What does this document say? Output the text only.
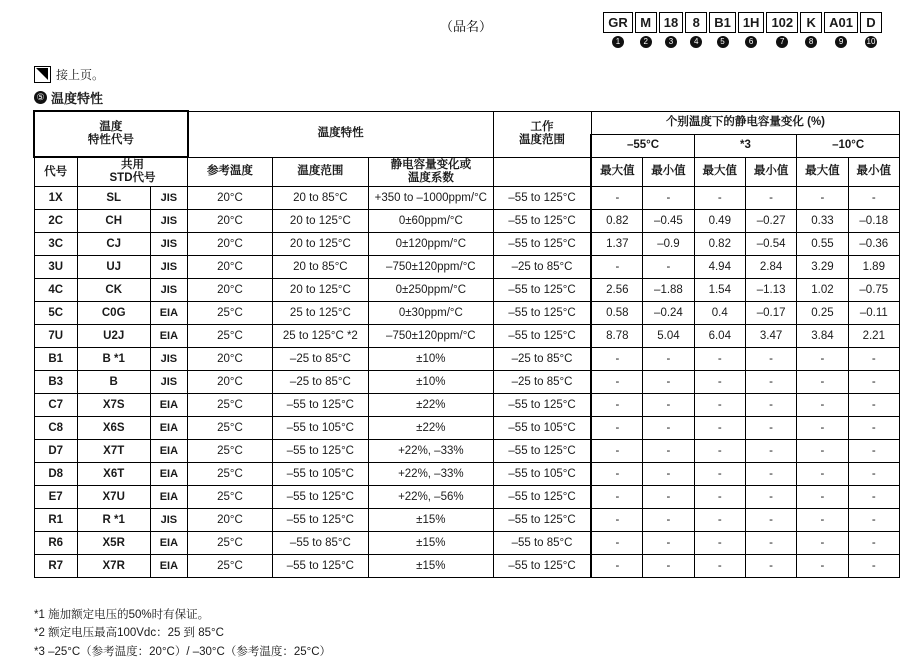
（品名）	GR
1
M
2
18
3
8
4
B1
5
1H
6
102
7
K
8
A01
9
D
10
接上页。
⑤ 温度特性
温度
特性代号			温度特性			工作
温度范围	个别温度下的静电容量变化 (%)					
							–55°C		*3		–10°C	
代号	共用
STD代号		参考温度	温度范围	静电容量变化或
温度系数		最大值	最小值	最大值	最小值	最大值	最小值
1X	SL	JIS	20°C	20 to 85°C	+350 to –1000ppm/°C	–55 to 125°C	-	-	-	-	-	-
2C	CH	JIS	20°C	20 to 125°C	0±60ppm/°C	–55 to 125°C	0.82	–0.45	0.49	–0.27	0.33	–0.18
3C	CJ	JIS	20°C	20 to 125°C	0±120ppm/°C	–55 to 125°C	1.37	–0.9	0.82	–0.54	0.55	–0.36
3U	UJ	JIS	20°C	20 to 85°C	–750±120ppm/°C	–25 to 85°C	-	-	4.94	2.84	3.29	1.89
4C	CK	JIS	20°C	20 to 125°C	0±250ppm/°C	–55 to 125°C	2.56	–1.88	1.54	–1.13	1.02	–0.75
5C	C0G	EIA	25°C	25 to 125°C	0±30ppm/°C	–55 to 125°C	0.58	–0.24	0.4	–0.17	0.25	–0.11
7U	U2J	EIA	25°C	25 to 125°C *2	–750±120ppm/°C	–55 to 125°C	8.78	5.04	6.04	3.47	3.84	2.21
B1	B *1	JIS	20°C	–25 to 85°C	±10%	–25 to 85°C	-	-	-	-	-	-
B3	B	JIS	20°C	–25 to 85°C	±10%	–25 to 85°C	-	-	-	-	-	-
C7	X7S	EIA	25°C	–55 to 125°C	±22%	–55 to 125°C	-	-	-	-	-	-
C8	X6S	EIA	25°C	–55 to 105°C	±22%	–55 to 105°C	-	-	-	-	-	-
D7	X7T	EIA	25°C	–55 to 125°C	+22%, –33%	–55 to 125°C	-	-	-	-	-	-
D8	X6T	EIA	25°C	–55 to 105°C	+22%, –33%	–55 to 105°C	-	-	-	-	-	-
E7	X7U	EIA	25°C	–55 to 125°C	+22%, –56%	–55 to 125°C	-	-	-	-	-	-
R1	R *1	JIS	20°C	–55 to 125°C	±15%	–55 to 125°C	-	-	-	-	-	-
R6	X5R	EIA	25°C	–55 to 85°C	±15%	–55 to 85°C	-	-	-	-	-	-
R7	X7R	EIA	25°C	–55 to 125°C	±15%	–55 to 125°C	-	-	-	-	-	-
*1 施加额定电压的50%时有保证。
*2 额定电压最高100Vdc：25 到 85°C
*3 –25°C（参考温度：20°C）/ –30°C（参考温度：25°C）
